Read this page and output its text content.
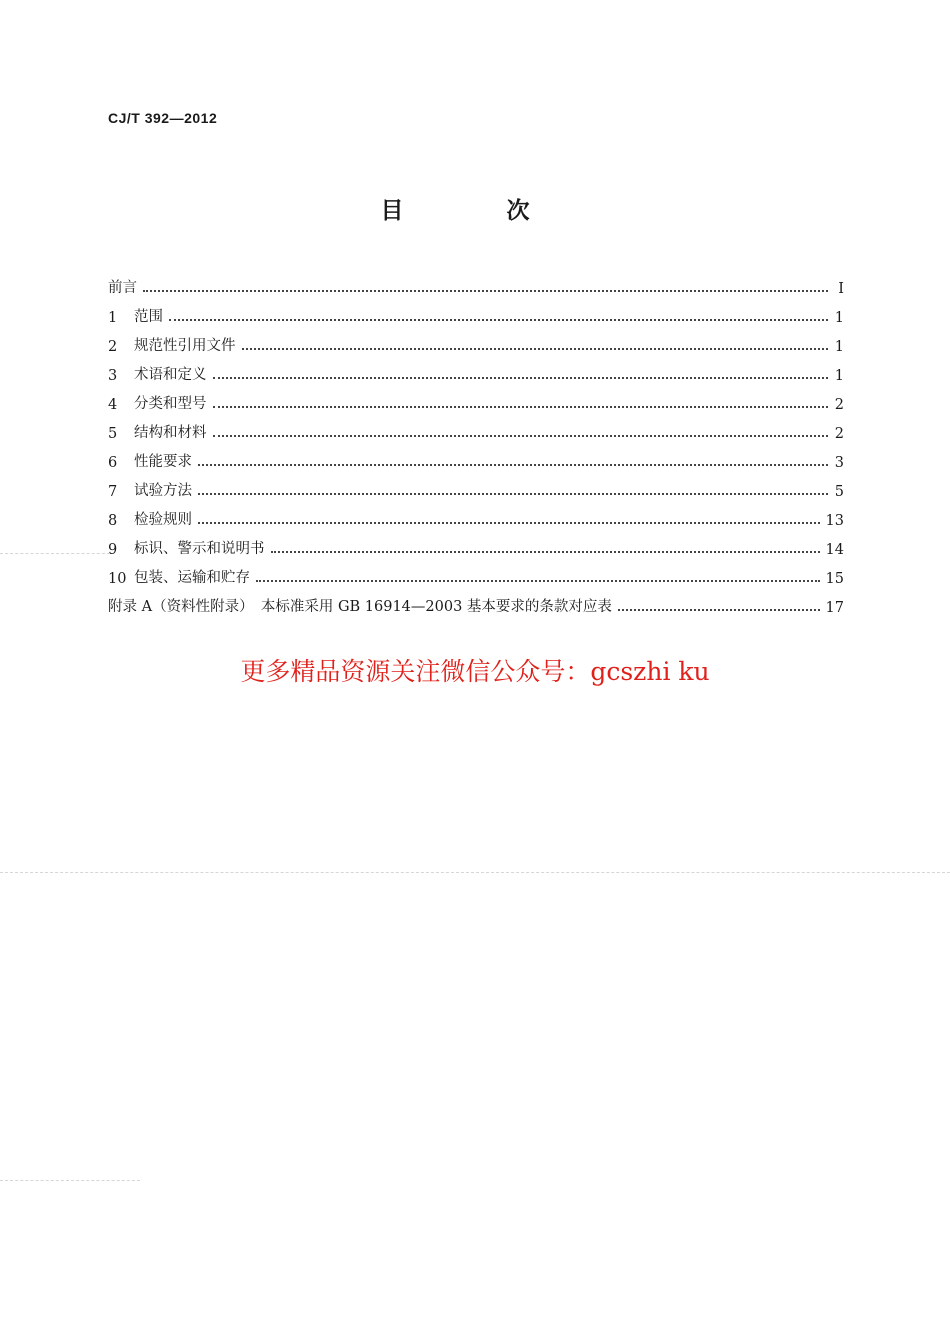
CJ/T 392—2012
目　次
前言	Ⅰ
1	范围	1
2	规范性引用文件	1
3	术语和定义	1
4	分类和型号	2
5	结构和材料	2
6	性能要求	3
7	试验方法	5
8	检验规则	13
9	标识、警示和说明书	14
10 包装、运输和贮存	15
附录 A（资料性附录）　本标准采用 GB 16914—2003 基本要求的条款对应表	17
更多精品资源关注微信公众号：gcszhi ku
